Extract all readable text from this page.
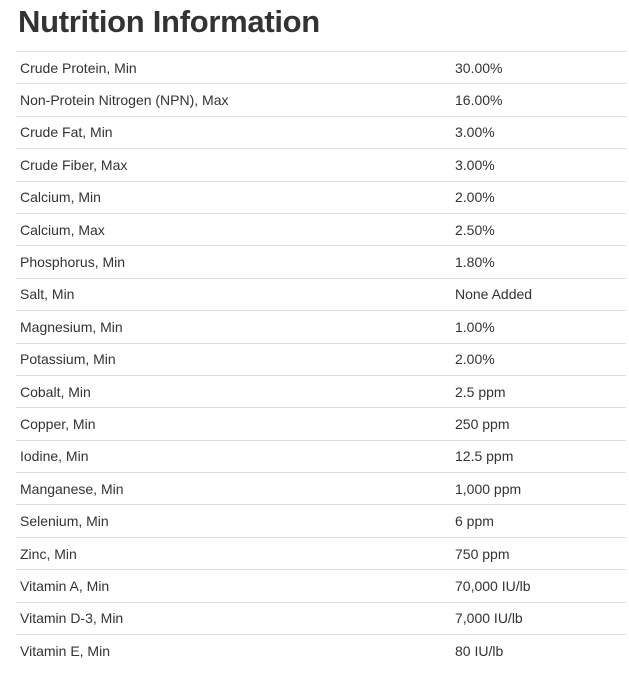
Nutrition Information
Crude Protein, Min	30.00%
Non-Protein Nitrogen (NPN), Max	16.00%
Crude Fat, Min	3.00%
Crude Fiber, Max	3.00%
Calcium, Min	2.00%
Calcium, Max	2.50%
Phosphorus, Min	1.80%
Salt, Min	None Added
Magnesium, Min	1.00%
Potassium, Min	2.00%
Cobalt, Min	2.5 ppm
Copper, Min	250 ppm
Iodine, Min	12.5 ppm
Manganese, Min	1,000 ppm
Selenium, Min	6 ppm
Zinc, Min	750 ppm
Vitamin A, Min	70,000 IU/lb
Vitamin D-3, Min	7,000 IU/lb
Vitamin E, Min	80 IU/lb
